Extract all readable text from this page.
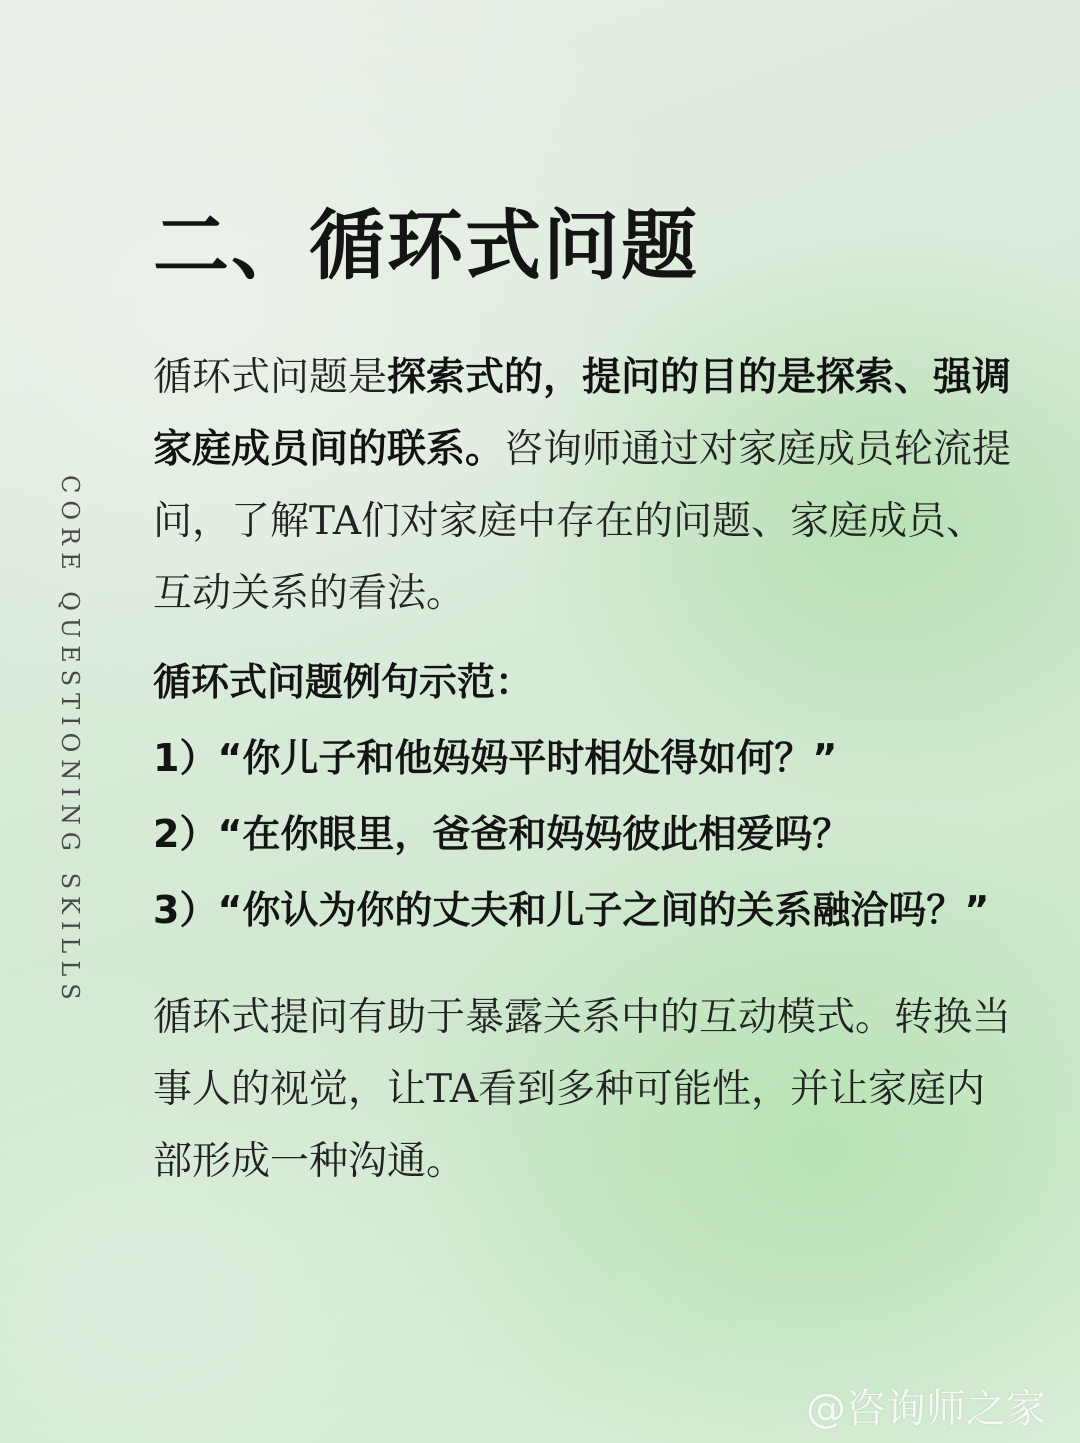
CORE QUESTIONING SKILLS
二、循环式问题

循环式问题是探索式的，提问的目的是探索、强调家庭成员间的联系。咨询师通过对家庭成员轮流提问，了解TA们对家庭中存在的问题、家庭成员、互动关系的看法。

循环式问题例句示范：
1）“你儿子和他妈妈平时相处得如何？”
2）“在你眼里，爸爸和妈妈彼此相爱吗？
3）“你认为你的丈夫和儿子之间的关系融洽吗？”

循环式提问有助于暴露关系中的互动模式。转换当事人的视觉，让TA看到多种可能性，并让家庭内部形成一种沟通。

@咨询师之家
